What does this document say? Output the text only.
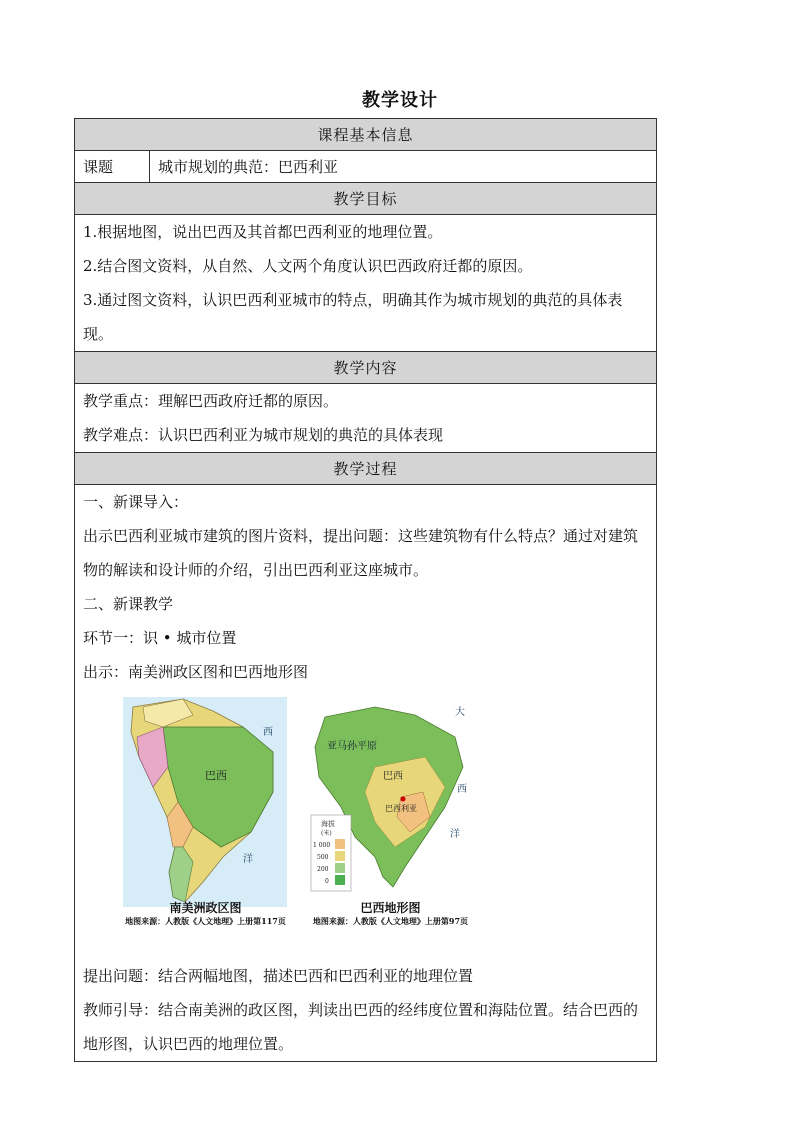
教学设计
课程基本信息
课题	城市规划的典范：巴西利亚
教学目标

1.根据地图，说出巴西及其首都巴西利亚的地理位置。

2.结合图文资料，从自然、人文两个角度认识巴西政府迁都的原因。

3.通过图文资料，认识巴西利亚城市的特点，明确其作为城市规划的典范的具体表现。

教学内容

教学重点：理解巴西政府迁都的原因。

教学难点：认识巴西利亚为城市规划的典范的具体表现

教学过程

一、新课导入：

出示巴西利亚城市建筑的图片资料，提出问题：这些建筑物有什么特点？通过对建筑物的解读和设计师的介绍，引出巴西利亚这座城市。

二、新课教学

环节一：识 • 城市位置

出示：南美洲政区图和巴西地形图

巴西
西
洋
南美洲政区图
地图来源：人教版《人文地理》上册第117页
亚马孙平原
巴西
巴西利亚
大
西
洋
海拔
(米)
1 000
500
200
0
巴西地形图
地图来源：人教版《人文地理》上册第97页

提出问题：结合两幅地图，描述巴西和巴西利亚的地理位置

教师引导：结合南美洲的政区图，判读出巴西的经纬度位置和海陆位置。结合巴西的地形图，认识巴西的地理位置。
